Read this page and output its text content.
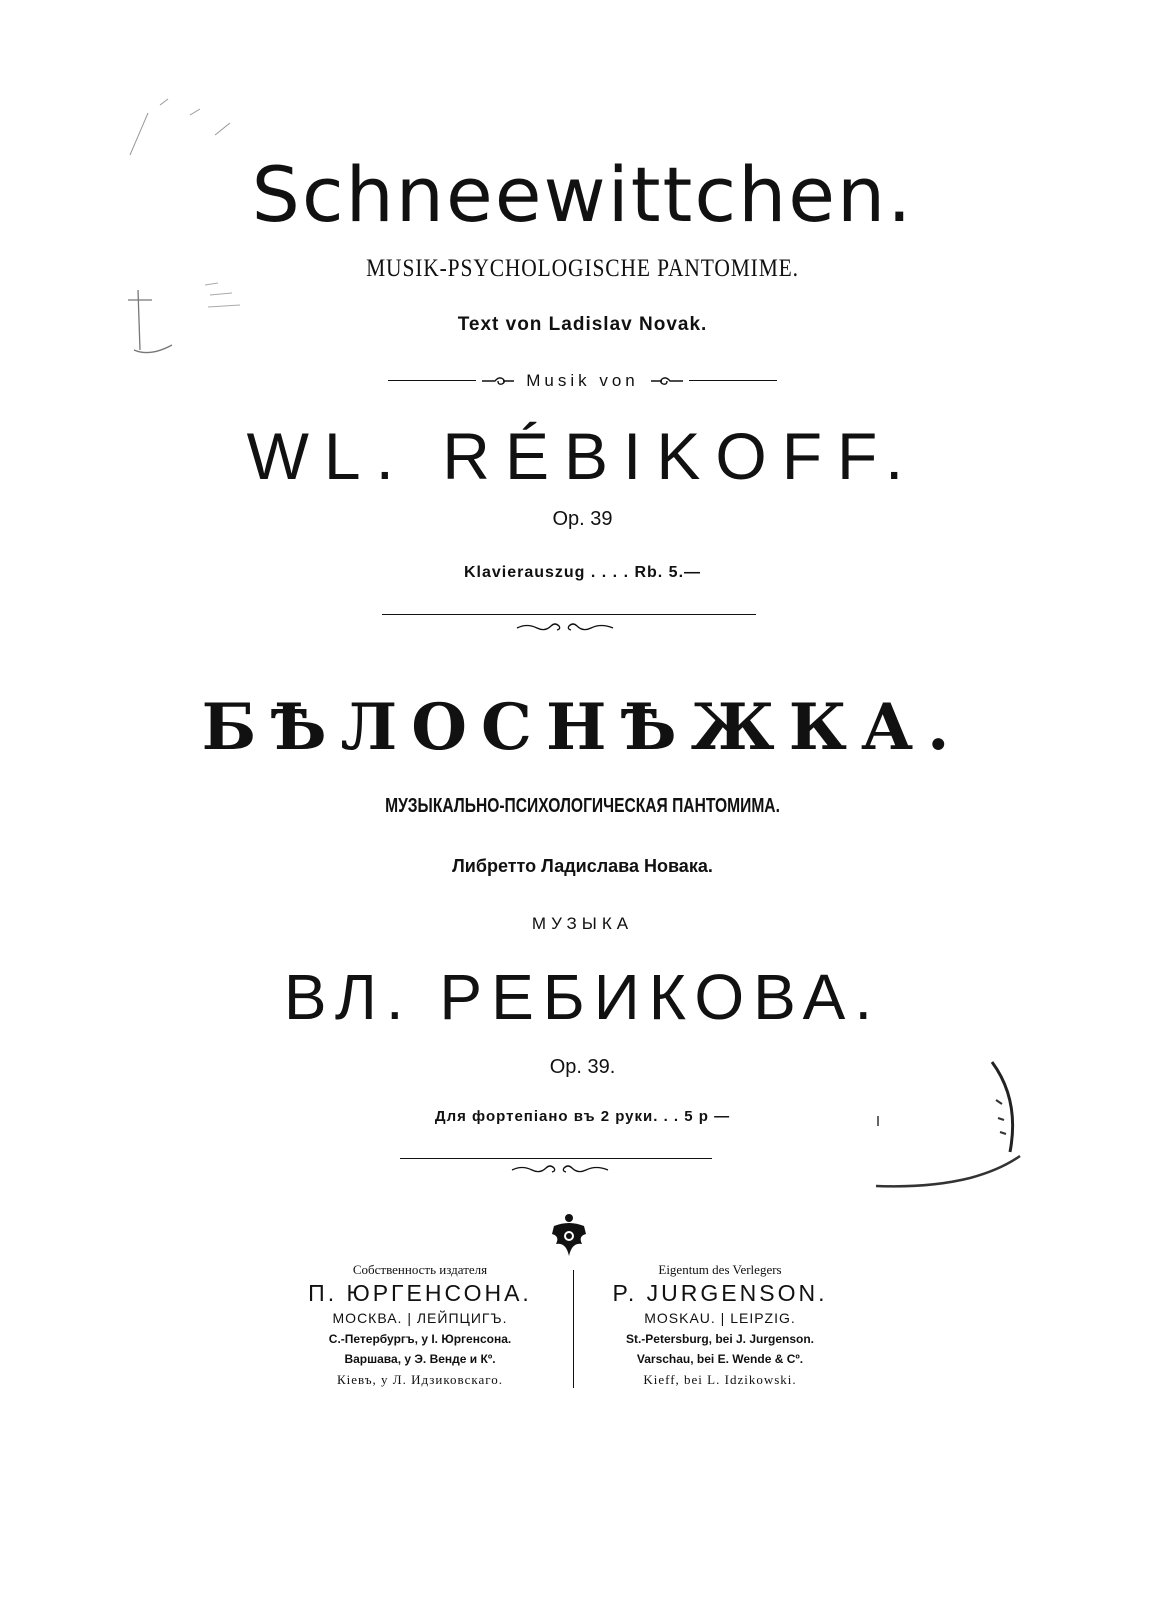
Schneewittchen.
MUSIK-PSYCHOLOGISCHE PANTOMIME.
Text von Ladislav Novak.
Musik von
WL. RÉBIKOFF.
Op. 39
Klavierauszug . . . . Rb. 5.—
БѢЛОСНѢЖКА.
МУЗЫКАЛЬНО-ПСИХОЛОГИЧЕСКАЯ ПАНТОМИМА.
Либретто Ладислава Новака.
МУЗЫКА
ВЛ. РЕБИКОВА.
Op. 39.
Для фортепіано въ 2 руки. . . 5 р —
Собственность издателя
П. ЮРГЕНСОНА.
МОСКВА. | ЛЕЙПЦИГЪ.
С.-Петербургъ, у I. Юргенсона.
Варшава, у Э. Венде и Кº.
Кіевъ, у Л. Идзиковскаго.
Eigentum des Verlegers
P. JURGENSON.
MOSKAU. | LEIPZIG.
St.-Petersburg, bei J. Jurgenson.
Varschau, bei E. Wende & Cº.
Kieff, bei L. Idzikowski.
